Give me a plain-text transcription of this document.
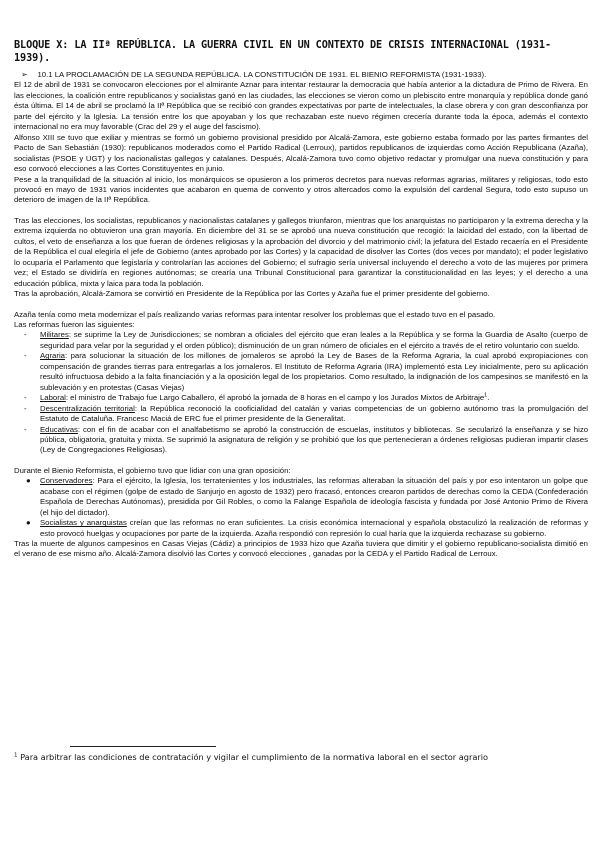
BLOQUE X: LA IIª REPÚBLICA. LA GUERRA CIVIL EN UN CONTEXTO DE CRISIS INTERNACIONAL (1931-1939).

➢ 10.1 LA PROCLAMACIÓN DE LA SEGUNDA REPÚBLICA. LA CONSTITUCIÓN DE 1931. EL BIENIO REFORMISTA (1931-1933).

El 12 de abril de 1931 se convocaron elecciones por el almirante Aznar para intentar restaurar la democracia que había anterior a la dictadura de Primo de Rivera. En las elecciones, la coalición entre republicanos y socialistas ganó en las ciudades, las elecciones se vieron como un plebiscito entre monarquía y república donde ganó ésta última. El 14 de abril se proclamó la IIª República que se recibió con grandes expectativas por parte de intelectuales, la clase obrera y con gran desconfianza por parte del ejército y la Iglesia. La tensión entre los que apoyaban y los que rechazaban este nuevo régimen crecería durante toda la época, además el contexto internacional no era muy favorable (Crac del 29 y el auge del fascismo).

Alfonso XIII se tuvo que exiliar y mientras se formó un gobierno provisional presidido por Alcalá-Zamora, este gobierno estaba formado por las partes firmantes del Pacto de San Sebastián (1930): republicanos moderados como el Partido Radical (Lerroux), partidos republicanos de izquierdas como Acción Republicana (Azaña), socialistas (PSOE y UGT) y los nacionalistas gallegos y catalanes. Después, Alcalá-Zamora tuvo como objetivo redactar y promulgar una nueva constitución y para eso convocó elecciones a las Cortes Constituyentes en junio.

Pese a la tranquilidad de la situación al inicio, los monárquicos se opusieron a los primeros decretos para nuevas reformas agrarias, militares y religiosas, todo esto provocó en mayo de 1931 varios incidentes que acabaron en quema de convento y otros altercados como la expulsión del cardenal Segura, todo esto supuso un deterioro de imagen de la IIª República.

Tras las elecciones, los socialistas, republicanos y nacionalistas catalanes y gallegos triunfaron, mientras que los anarquistas no participaron y la extrema derecha y la extrema izquierda no obtuvieron una gran mayoría. En diciembre del 31 se se aprobó una nueva constitución que recogió: la laicidad del estado, con la libertad de cultos, el veto de enseñanza a los que fueran de órdenes religiosas y la aprobación del divorcio y del matrimonio civil; la jefatura del Estado recaería en el Presidente de la República el cual elegiría el jefe de Gobierno (antes aprobado por las Cortes) y la capacidad de disolver las Cortes (dos veces por mandato); el poder legislativo lo ocuparía el Parlamento que legislaría y controlarían las acciones del Gobierno; el sufragio sería universal incluyendo el derecho a voto de las mujeres por primera vez; el Estado se dividiría en regiones autónomas; se crearía una Tribunal Constitucional para garantizar la constitucionalidad en las leyes; y el derecho a una educación pública, mixta y laica para toda la población.

Tras la aprobación, Alcalá-Zamora se convirtió en Presidente de la República por las Cortes y Azaña fue el primer presidente del gobierno.

Azaña tenía como meta modernizar el país realizando varias reformas para intentar resolver los problemas que el estado tuvo en el pasado.

Las reformas fueron las siguientes:

-	Militares: se suprime la Ley de Jurisdicciones; se nombran a oficiales del ejército que eran leales a la República y se forma la Guardia de Asalto (cuerpo de seguridad para velar por la seguridad y el orden público); disminución de un gran número de oficiales en el ejército a través de el retiro voluntario con sueldo.
-	Agraria: para solucionar la situación de los millones de jornaleros se aprobó la Ley de Bases de la Reforma Agraria, la cual aprobó expropiaciones con compensación de grandes tierras para entregarlas a los jornaleros. El Instituto de Reforma Agraria (IRA) implementó esta Ley inicialmente, pero su aplicación resultó infructuosa debido a la falta financiación y a la oposición legal de los propietarios. Como resultado, la indignación de los campesinos se manifestó en la sublevación y en protestas (Casas Viejas)
-	Laboral: el ministro de Trabajo fue Largo Caballero, él aprobó la jornada de 8 horas en el campo y los Jurados Mixtos de Arbitraje$^1$.
-	Descentralización territorial: la República reconoció la cooficialidad del catalán y varias competencias de un gobierno autónomo tras la promulgación del Estatuto de Cataluña. Francesc Maciá de ERC fue el primer presidente de la Generalitat.
-	Educativas: con el fin de acabar con el analfabetismo se aprobó la construcción de escuelas, institutos y bibliotecas. Se secularizó la enseñanza y se hizo pública, obligatoria, gratuita y mixta. Se suprimió la asignatura de religión y se prohibió que los que pertenecieran a órdenes religiosas pudieran impartir clases (Ley de Congregaciones Religiosas).

Durante el Bienio Reformista, el gobierno tuvo que lidiar con una gran oposición:

●	Conservadores: Para el ejército, la Iglesia, los terratenientes y los industriales, las reformas alteraban la situación del país y por eso intentaron un golpe que acabase con el régimen (golpe de estado de Sanjurjo en agosto de 1932) pero fracasó, entonces crearon partidos de derechas como la CEDA (Confederación Española de Derechas Autónomas), presidida por Gil Robles, o como la Falange Española de ideología fascista y fundada por José Antonio Primo de Rivera (el hijo del dictador).
●	Socialistas y anarquistas creían que las reformas no eran suficientes. La crisis económica internacional y española obstaculizó la realización de reformas y esto provocó huelgas y ocupaciones por parte de la izquierda. Azaña respondió con represión lo cual haría que la izquierda rechazase su gobierno.

Tras la muerte de algunos campesinos en Casas Viejas (Cádiz) a principios de 1933 hizo que Azaña tuviera que dimitir y el gobierno republicano-socialista dimitió en el verano de ese mismo año. Alcalá-Zamora disolvió las Cortes y convocó elecciones , ganadas por la CEDA y el Partido Radical de Lerroux.

$^1$ Para arbitrar las condiciones de contratación y vigilar el cumplimiento de la normativa laboral en el sector agrario
